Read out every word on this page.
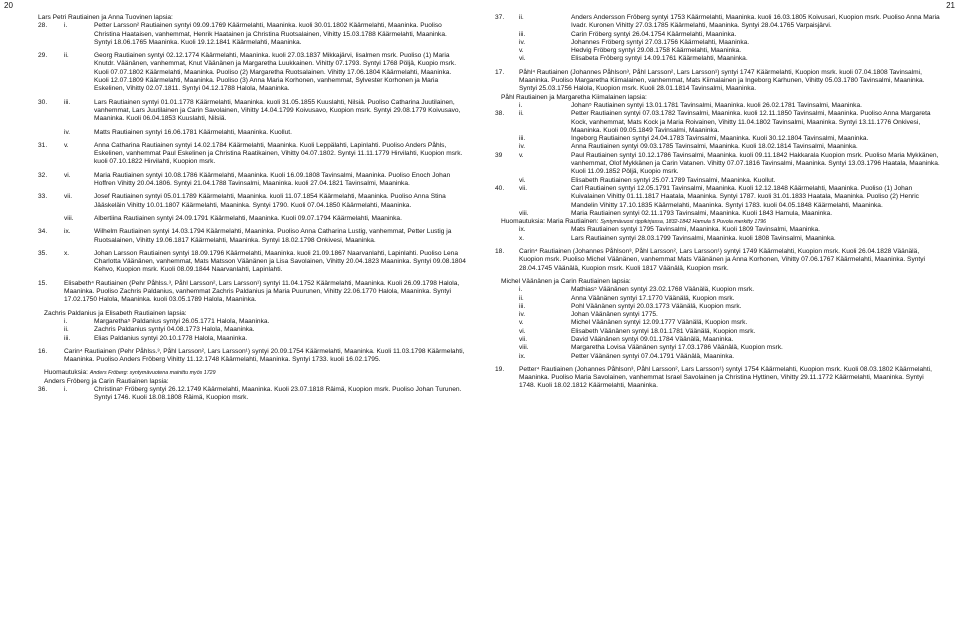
20	21

Lars Petri Rautiainen ja Anna Tuovinen lapsia:

28.	i.	Petter Larsson² Rautiainen syntyi 09.09.1769 Käärmelahti, Maaninka. kuoli 30.01.1802 Käärmelahti, Maaninka. Puoliso Christina Haataisen, vanhemmat, Henrik Haatainen ja Christina Ruotsalainen, Vihitty 15.03.1788 Käärmelahti, Maaninka. Syntyi 18.06.1765 Maaninka. Kuoli 19.12.1841 Käärmelahti, Maaninka.
29.	ii.	Georg Rautiainen syntyi 02.12.1774 Käärmelahti, Maaninka. kuoli 27.03.1837 Mikkajärvi, Iisalmen msrk. Puoliso (1) Maria Knutdr. Väänänen, vanhemmat, Knut Väänänen ja Margaretha Luukkainen. Vihitty 07.1793. Syntyi 1768 Pöljä, Kuopio msrk. Kuoli 07.07.1802 Käärmelahti, Maaninka. Puoliso (2) Margaretha Ruotsalainen. Vihitty 17.06.1804 Käärmelahti, Maaninka. Kuoli 12.07.1809 Käärmelahti, Maaninka. Puoliso (3) Anna Maria Korhonen, vanhemmat, Sylvester Korhonen ja Maria Eskelinen, Vihitty 02.07.1811. Syntyi 04.12.1788 Halola, Maaninka.
30.	iii.	Lars Rautiainen syntyi 01.01.1778 Käärmelahti, Maaninka. kuoli 31.05.1855 Kuuslahti, Nilsiä. Puoliso Catharina Juutilainen, vanhemmat, Lars Juutilainen ja Carin Savolainen, Vihitty 14.04.1799 Koivusavo, Kuopion msrk. Syntyi 29.08.1779 Koivusavo, Maaninka. Kuoli 06.04.1853 Kuuslahti, Nilsiä.
iv.	Matts Rautiainen syntyi 16.06.1781 Käärmelahti, Maaninka. Kuollut.
31.	v.	Anna Catharina Rautiainen syntyi 14.02.1784 Käärmelahti, Maaninka. Kuoli Leppälahti, Lapinlahti. Puoliso Anders Påhls, Eskelinen, vanhemmat Paul Eskelinen ja Christina Raatikainen, Vihitty 04.07.1802. Syntyi 11.11.1779 Hirvilahti, Kuopion msrk. kuoli 07.10.1822 Hirvilahti, Kuopion msrk.
32.	vi.	Maria Rautiainen syntyi 10.08.1786 Käärmelahti, Maaninka. Kuoli 16.09.1808 Tavinsalmi, Maaninka. Puoliso Enoch Johan Hoffren Vihitty 20.04.1806. Syntyi 21.04.1788 Tavinsalmi, Maaninka. kuoli 27.04.1821 Tavinsalmi, Maaninka.
33.	vii.	Josef Rautiainen syntyi 05.01.1789 Käärmelahti, Maaninka. kuoli 11.07.1854 Käärmelahti, Maaninka. Puoliso Anna Stina Jääskeläin Vihitty 10.01.1807 Käärmelahti, Maaninka. Syntyi 1790. Kuoli 07.04.1850 Käärmelahti, Maaninka.
viii.	Albertiina Rautiainen syntyi 24.09.1791 Käärmelahti, Maaninka. Kuoli 09.07.1794 Käärmelahti, Maaninka.
34.	ix.	Wilhelm Rautiainen syntyi 14.03.1794 Käärmelahti, Maaninka. Puoliso Anna Catharina Lustig, vanhemmat, Petter Lustig ja Ruotsalainen, Vihitty 19.06.1817 Käärmelahti, Maaninka. Syntyi 18.02.1798 Onkivesi, Maaninka.
35.	x.	Johan Larsson Rautiainen syntyi 18.09.1796 Käärmelahti, Maaninka. kuoli 21.09.1867 Naarvanlahti, Lapinlahti. Puoliso Lena Charlotta Väänänen, vanhemmat, Mats Matsson Väänänen ja Lisa Savolainen, Vihitty 20.04.1823 Maaninka. Syntyi 09.08.1804 Kehvo, Kuopion msrk. Kuoli 08.09.1844 Naarvanlahti, Lapinlahti.
15.	Elisabeth⁴ Rautiainen (Pehr Påhlss.³, Påhl Larsson², Lars Larsson¹) syntyi 11.04.1752 Käärmelahti, Maaninka. Kuoli 26.09.1798 Halola, Maaninka. Puoliso Zachris Paldanius, vanhemmat Zachris Paldanius ja Maria Puurunen, Vihitty 22.06.1770 Halola, Maaninka. Syntyi 17.02.1750 Halola, Maaninka. kuoli 03.05.1789 Halola, Maaninka.

Zachris Paldanius ja Elisabeth Rautiainen lapsia:

i.	Margaretha⁵ Paldanius syntyi 26.05.1771 Halola, Maaninka.
ii.	Zachris Paldanius syntyi 04.08.1773 Halola, Maaninka.
iii.	Elias Paldanius syntyi 20.10.1778 Halola, Maaninka.
16.	Carin⁴ Rautiainen (Pehr Påhlss.³, Påhl Larsson², Lars Larsson¹) syntyi 20.09.1754 Käärmelahti, Maaninka. Kuoli 11.03.1798 Käärmelahti, Maaninka. Puoliso Anders Fröberg Vihitty 11.12.1748 Käärmelahti, Maaninka. Syntyi 1733. kuoli 16.02.1795.

Huomautuksia: Anders Fröberg: syntymävuotena mainittu myös 1729

Anders Fröberg ja Carin Rautiainen lapsia:

36.	i.	Christina⁵ Fröberg syntyi 26.12.1749 Käärmelahti, Maaninka. Kuoli 23.07.1818 Räimä, Kuopion msrk. Puoliso Johan Turunen. Syntyi 1746. Kuoli 18.08.1808 Räimä, Kuopion msrk.
37.	ii.	Anders Andersson Fröberg syntyi 1753 Käärmelahti, Maaninka. kuoli 16.03.1805 Koivusari, Kuopion msrk. Puoliso Anna Maria Ivadr. Kuronen Vihitty 27.03.1785 Käärmelahti, Maaninka. Syntyi 28.04.1765 Varpaisjärvi.
iii.	Carin Fröberg syntyi 26.04.1754 Käärmelahti, Maaninka.
iv.	Johannes Fröberg syntyi 27.03.1756 Käärmelahti, Maaninka.
v.	Hedvig Fröberg syntyi 29.08.1758 Käärmelahti, Maaninka.
vi.	Elisabeta Fröberg syntyi 14.09.1761 Käärmelahti, Maaninka.
17.	Påhl⁴ Rautiainen (Johannes Påhlson³, Påhl Larsson², Lars Larsson¹) syntyi 1747 Käärmelahti, Kuopion msrk. kuoli 07.04.1808 Tavinsalmi, Maaninka. Puoliso Margaretha Kiimalainen, vanhemmat, Mats Kiimalainen ja Ingeborg Karhunen, Vihitty 05.03.1780 Tavinsalmi, Maaninka. Syntyi 25.03.1756 Halola, Kuopion msrk. Kuoli 28.01.1814 Tavinsalmi, Maaninka.

Påhl Rautiainen ja Margaretha Kiimalainen lapsia:

i.	Johan⁵ Rautiainen syntyi 13.01.1781 Tavinsalmi, Maaninka. kuoli 26.02.1781 Tavinsalmi, Maaninka.
38.	ii.	Petter Rautiainen syntyi 07.03.1782 Tavinsalmi, Maaninka. kuoli 12.11.1850 Tavinsalmi, Maaninka. Puoliso Anna Margareta Kock, vanhemmat, Mats Kock ja Maria Roivainen, Vihitty 11.04.1802 Tavinsalmi, Maaninka. Syntyi 13.11.1776 Onkivesi, Maaninka. Kuoli 09.05.1849 Tavinsalmi, Maaninka.
iii.	Ingeborg Rautiainen syntyi 24.04.1783 Tavinsalmi, Maaninka. Kuoli 30.12.1804 Tavinsalmi, Maaninka.
iv.	Anna Rautiainen syntyi 09.03.1785 Tavinsalmi, Maaninka. Kuoli 18.02.1814 Tavinsalmi, Maaninka.
39	v.	Paul Rautiainen syntyi 10.12.1786 Tavinsalmi, Maaninka. kuoli 09.11.1842 Hakkarala Kuopion msrk. Puoliso Maria Mykkänen, vanhemmat, Olof Mykkänen ja Carin Vatanen. Vihitty 07.07.1816 Tavinsalmi, Maaninka. Syntyi 13.03.1796 Haatala, Maaninka. Kuoli 11.09.1852 Pöljä, Kuopio msrk.
vi.	Elisabeth Rautiainen syntyi 25.07.1789 Tavinsalmi, Maaninka. Kuollut.
40.	vii.	Carl Rautiainen syntyi 12.05.1791 Tavinsalmi, Maaninka. Kuoli 12.12.1848 Käärmelahti, Maaninka. Puoliso (1) Johan Kuivalainen Vihitty 01.11.1817 Haatala, Maaninka. Syntyi 1787. kuoli 31.01.1833 Haatala, Maaninka. Puoliso (2) Henric Mandelin Vihitty 17.10.1835 Käärmelahti, Maaninka. Syntyi 1783. kuoli 04.05.1848 Käärmelahti, Maaninka.
viii.	Maria Rautiainen syntyi 02.11.1793 Tavinsalmi, Maaninka. Kuoli 1843 Hamula, Maaninka.

Huomautuksia: Maria Rautiainen: Syntymävuosi rippikirjassa, 1832-1842 Hamula 5 Puvola merkitty 1796

ix.	Mats Rautiainen syntyi 1795 Tavinsalmi, Maaninka. Kuoli 1809 Tavinsalmi, Maaninka.
x.	Lars Rautiainen syntyi 28.03.1799 Tavinsalmi, Maaninka. kuoli 1808 Tavinsalmi, Maaninka.
18.	Carin⁴ Rautiainen (Johannes Påhlson³, Påhl Larsson², Lars Larsson¹) syntyi 1749 Käärmelahti, Kuopion msrk. Kuoli 26.04.1828 Väänälä, Kuopion msrk. Puoliso Michel Väänänen, vanhemmat Mats Väänänen ja Anna Korhonen, Vihitty 07.06.1767 Käärmelahti, Maaninka. Syntyi 28.04.1745 Väänälä, Kuopion msrk. Kuoli 1817 Väänälä, Kuopion msrk.

Michel Väänänen ja Carin Rautiainen lapsia:

i.	Mathias⁵ Väänänen syntyi 23.02.1768 Väänälä, Kuopion msrk.
ii.	Anna Väänänen syntyi 17.1770 Väänälä, Kuopion msrk.
iii.	Pohl Väänänen syntyi 20.03.1773 Väänälä, Kuopion msrk.
iv.	Johan Väänänen syntyi 1775.
v.	Michel Väänänen syntyi 12.09.1777 Väänälä, Kuopion msrk.
vi.	Elisabeth Väänänen syntyi 18.01.1781 Väänälä, Kuopion msrk.
vii.	David Väänänen syntyi 09.01.1784 Väänälä, Maaninka.
viii.	Margaretha Lovisa Väänänen syntyi 17.03.1786 Väänälä, Kuopion msrk.
ix.	Petter Väänänen syntyi 07.04.1791 Väänälä, Maaninka.
19.	Petter⁴ Rautiainen (Johannes Påhlson³, Påhl Larsson², Lars Larsson¹) syntyi 1754 Käärmelahti, Kuopion msrk. Kuoli 08.03.1802 Käärmelahti, Maaninka. Puoliso Maria Savolainen, vanhemmat Israel Savolainen ja Christina Hyttinen, Vihitty 29.11.1772 Käärmelahti, Maaninka. Syntyi 1748. Kuoli 18.02.1812 Käärmelahti, Maaninka.
